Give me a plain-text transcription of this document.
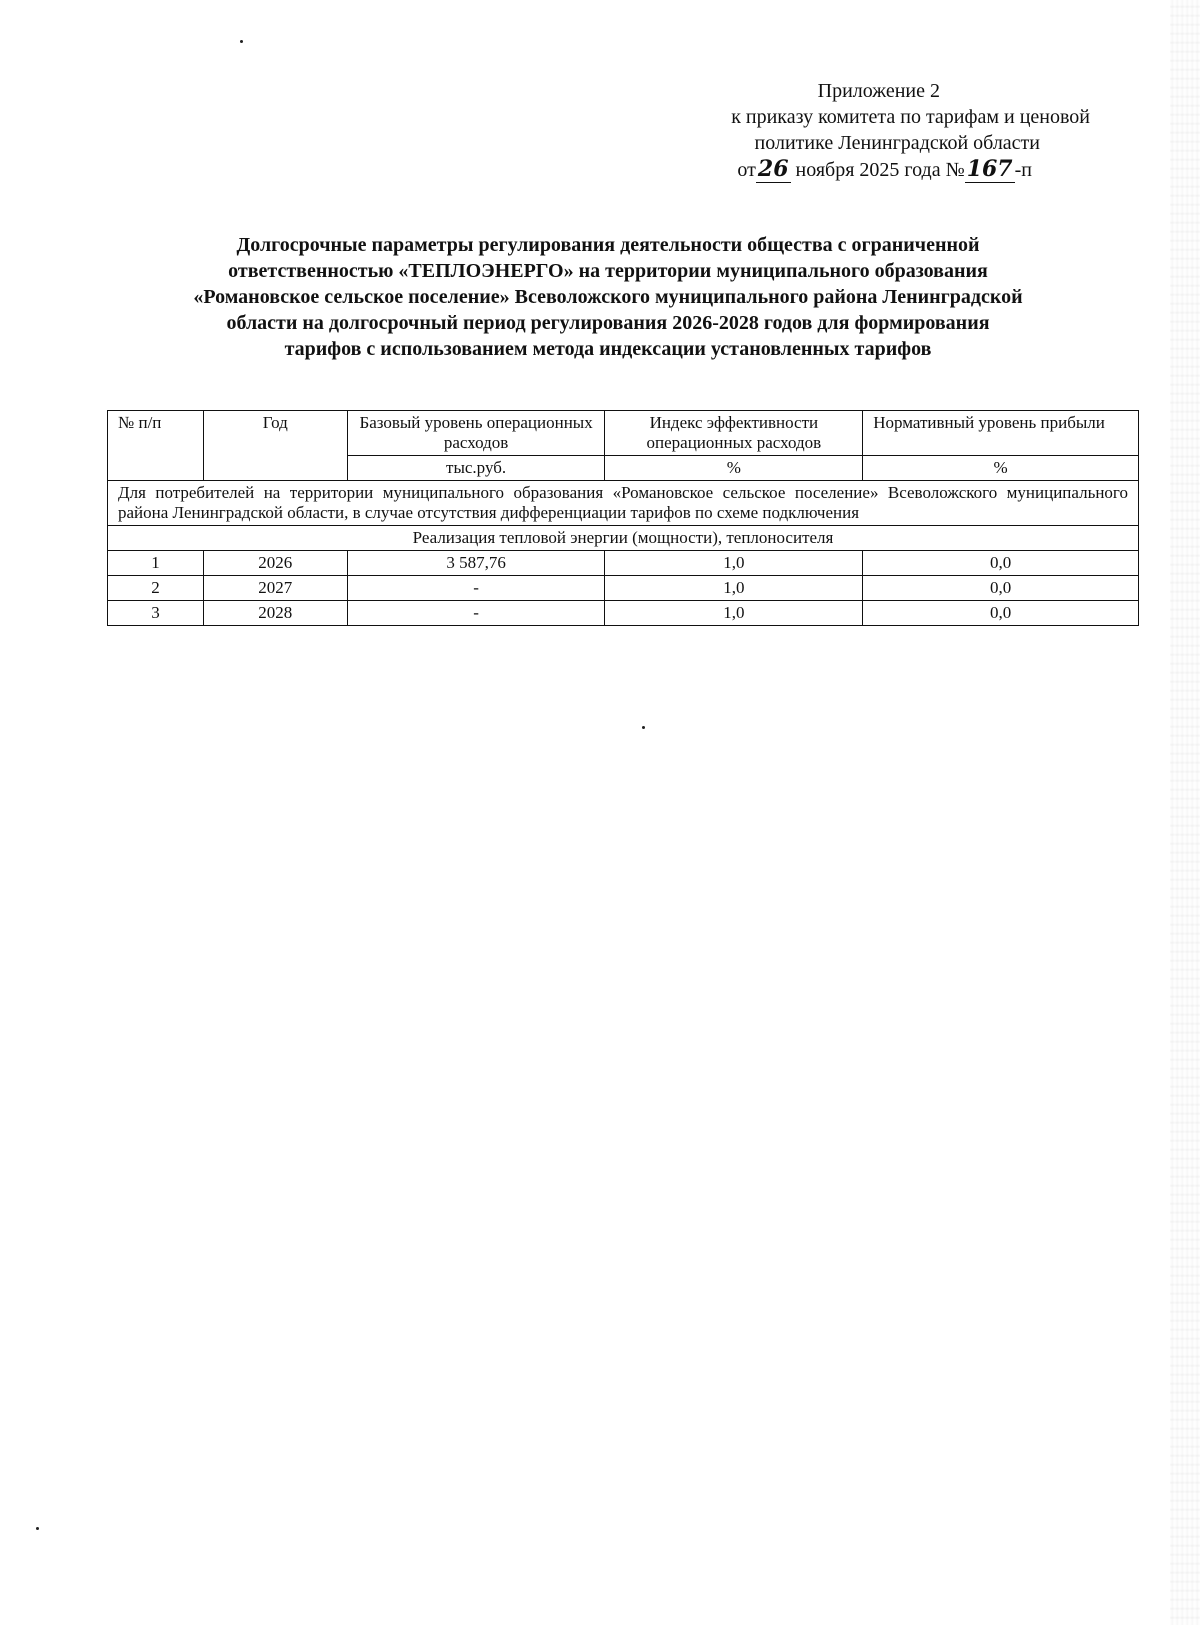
Приложение 2
к приказу комитета по тарифам и ценовой
политике Ленинградской области
от26 ноября 2025 года №167 -п
Долгосрочные параметры регулирования деятельности общества с ограниченной
ответственностью «ТЕПЛОЭНЕРГО» на территории муниципального образования
«Романовское сельское поселение» Всеволожского муниципального района Ленинградской
области на долгосрочный период регулирования 2026-2028 годов для формирования
тарифов с использованием метода индексации установленных тарифов
№ п/п	Год	Базовый уровень операционных расходов	Индекс эффективности операционных расходов	Нормативный уровень прибыли
		тыс.руб.	%	%
Для потребителей на территории муниципального образования «Романовское сельское поселение» Всеволожского муниципального района Ленинградской области, в случае отсутствия дифференциации тарифов по схеме подключения				
Реализация тепловой энергии (мощности), теплоносителя				
1	2026	3 587,76	1,0	0,0
2	2027	-	1,0	0,0
3	2028	-	1,0	0,0
